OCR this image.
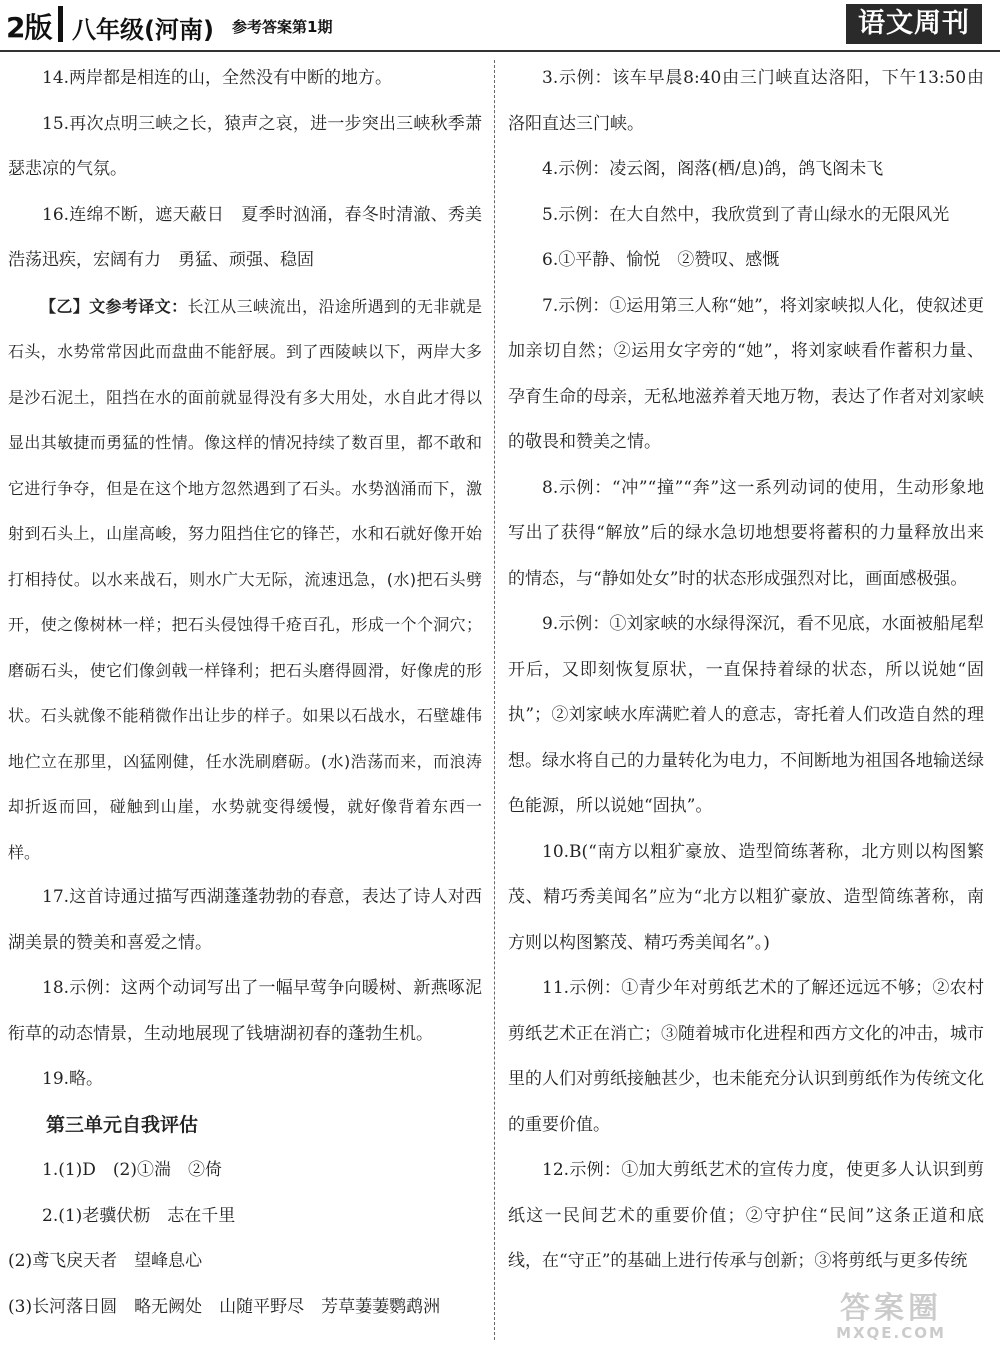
2版 八年级(河南) 参考答案第1期	语文周刊

14.两岸都是相连的山，全然没有中断的地方。

15.再次点明三峡之长，猿声之哀，进一步突出三峡秋季萧瑟悲凉的气氛。

16.连绵不断，遮天蔽日　夏季时汹涌，春冬时清澈、秀美　浩荡迅疾，宏阔有力　勇猛、顽强、稳固

【乙】文参考译文：长江从三峡流出，沿途所遇到的无非就是石头，水势常常因此而盘曲不能舒展。到了西陵峡以下，两岸大多是沙石泥土，阻挡在水的面前就显得没有多大用处，水自此才得以显出其敏捷而勇猛的性情。像这样的情况持续了数百里，都不敢和它进行争夺，但是在这个地方忽然遇到了石头。水势汹涌而下，激射到石头上，山崖高峻，努力阻挡住它的锋芒，水和石就好像开始打相持仗。以水来战石，则水广大无际，流速迅急，(水)把石头劈开，使之像树林一样；把石头侵蚀得千疮百孔，形成一个个洞穴；磨砺石头，使它们像剑戟一样锋利；把石头磨得圆滑，好像虎的形状。石头就像不能稍微作出让步的样子。如果以石战水，石壁雄伟地伫立在那里，凶猛刚健，任水洗刷磨砺。(水)浩荡而来，而浪涛却折返而回，碰触到山崖，水势就变得缓慢，就好像背着东西一样。

17.这首诗通过描写西湖蓬蓬勃勃的春意，表达了诗人对西湖美景的赞美和喜爱之情。

18.示例：这两个动词写出了一幅早莺争向暖树、新燕啄泥衔草的动态情景，生动地展现了钱塘湖初春的蓬勃生机。

19.略。

第三单元自我评估

1.(1)D　(2)①湍　②倚

2.(1)老骥伏枥　志在千里

(2)鸢飞戾天者　望峰息心

(3)长河落日圆　略无阙处　山随平野尽　芳草萋萋鹦鹉洲

3.示例：该车早晨8:40由三门峡直达洛阳，下午13:50由洛阳直达三门峡。

4.示例：凌云阁，阁落(栖/息)鸽，鸽飞阁未飞

5.示例：在大自然中，我欣赏到了青山绿水的无限风光

6.①平静、愉悦　②赞叹、感慨

7.示例：①运用第三人称“她”，将刘家峡拟人化，使叙述更加亲切自然；②运用女字旁的“她”，将刘家峡看作蓄积力量、孕育生命的母亲，无私地滋养着天地万物，表达了作者对刘家峡的敬畏和赞美之情。

8.示例：“冲”“撞”“奔”这一系列动词的使用，生动形象地写出了获得“解放”后的绿水急切地想要将蓄积的力量释放出来的情态，与“静如处女”时的状态形成强烈对比，画面感极强。

9.示例：①刘家峡的水绿得深沉，看不见底，水面被船尾犁开后，又即刻恢复原状，一直保持着绿的状态，所以说她“固执”；②刘家峡水库满贮着人的意志，寄托着人们改造自然的理想。绿水将自己的力量转化为电力，不间断地为祖国各地输送绿色能源，所以说她“固执”。

10.B(“南方以粗犷豪放、造型简练著称，北方则以构图繁茂、精巧秀美闻名”应为“北方以粗犷豪放、造型简练著称，南方则以构图繁茂、精巧秀美闻名”。)

11.示例：①青少年对剪纸艺术的了解还远远不够；②农村剪纸艺术正在消亡；③随着城市化进程和西方文化的冲击，城市里的人们对剪纸接触甚少，也未能充分认识到剪纸作为传统文化的重要价值。

12.示例：①加大剪纸艺术的宣传力度，使更多人认识到剪纸这一民间艺术的重要价值；②守护住“民间”这条正道和底线，在“守正”的基础上进行传承与创新；③将剪纸与更多传统

答案圈
MXQE.COM
